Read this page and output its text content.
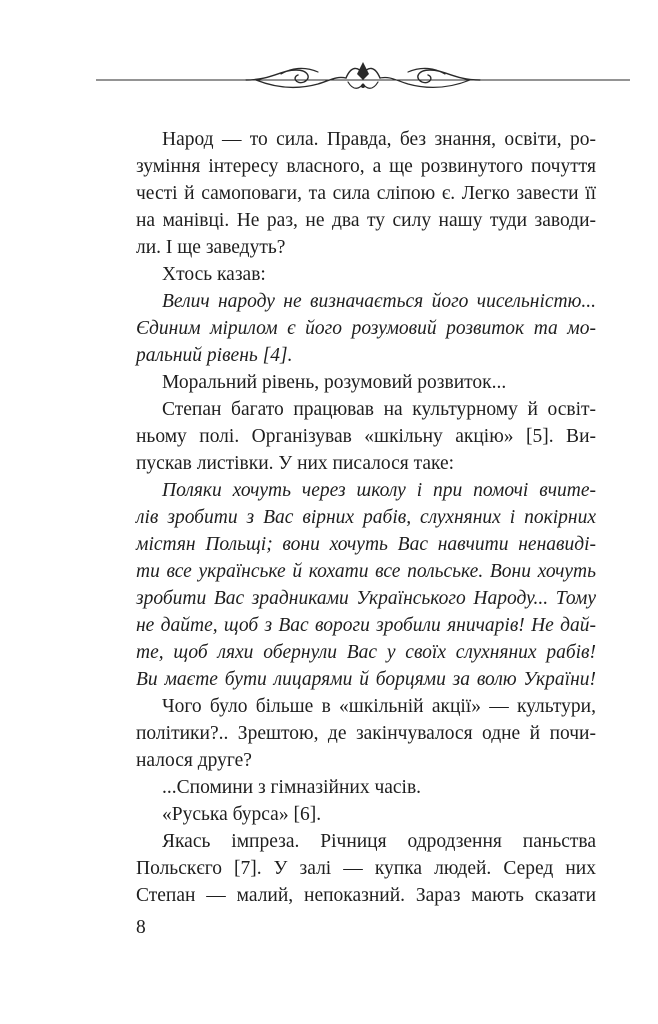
Народ — то сила. Правда, без знання, освіти, ро-
зуміння інтересу власного, а ще розвинутого почуття
честі й самоповаги, та сила сліпою є. Легко завести її
на манівці. Не раз, не два ту силу нашу туди заводи-
ли. І ще заведуть?
Хтось казав:
Велич народу не визначається його чисельністю...
Єдиним мірилом є його розумовий розвиток та мо-
ральний рівень [4].
Моральний рівень, розумовий розвиток...
Степан багато працював на культурному й освіт-
ньому полі. Організував «шкільну акцію» [5]. Ви-
пускав листівки. У них писалося таке:
Поляки хочуть через школу і при помочі вчите-
лів зробити з Вас вірних рабів, слухняних і покірних
містян Польщі; вони хочуть Вас навчити ненавиді-
ти все українське й кохати все польське. Вони хочуть
зробити Вас зрадниками Українського Народу... Тому
не дайте, щоб з Вас вороги зробили яничарів! Не дай-
те, щоб ляхи обернули Вас у своїх слухняних рабів!
Ви маєте бути лицарями й борцями за волю України!
Чого було більше в «шкільній акції» — культури,
політики?.. Зрештою, де закінчувалося одне й почи-
налося друге?
...Спомини з гімназійних часів.
«Руська бурса» [6].
Якась імпреза. Річниця одродзення паньства
Польскєго [7]. У залі — купка людей. Серед них
Степан — малий, непоказний. Зараз мають сказати
8
